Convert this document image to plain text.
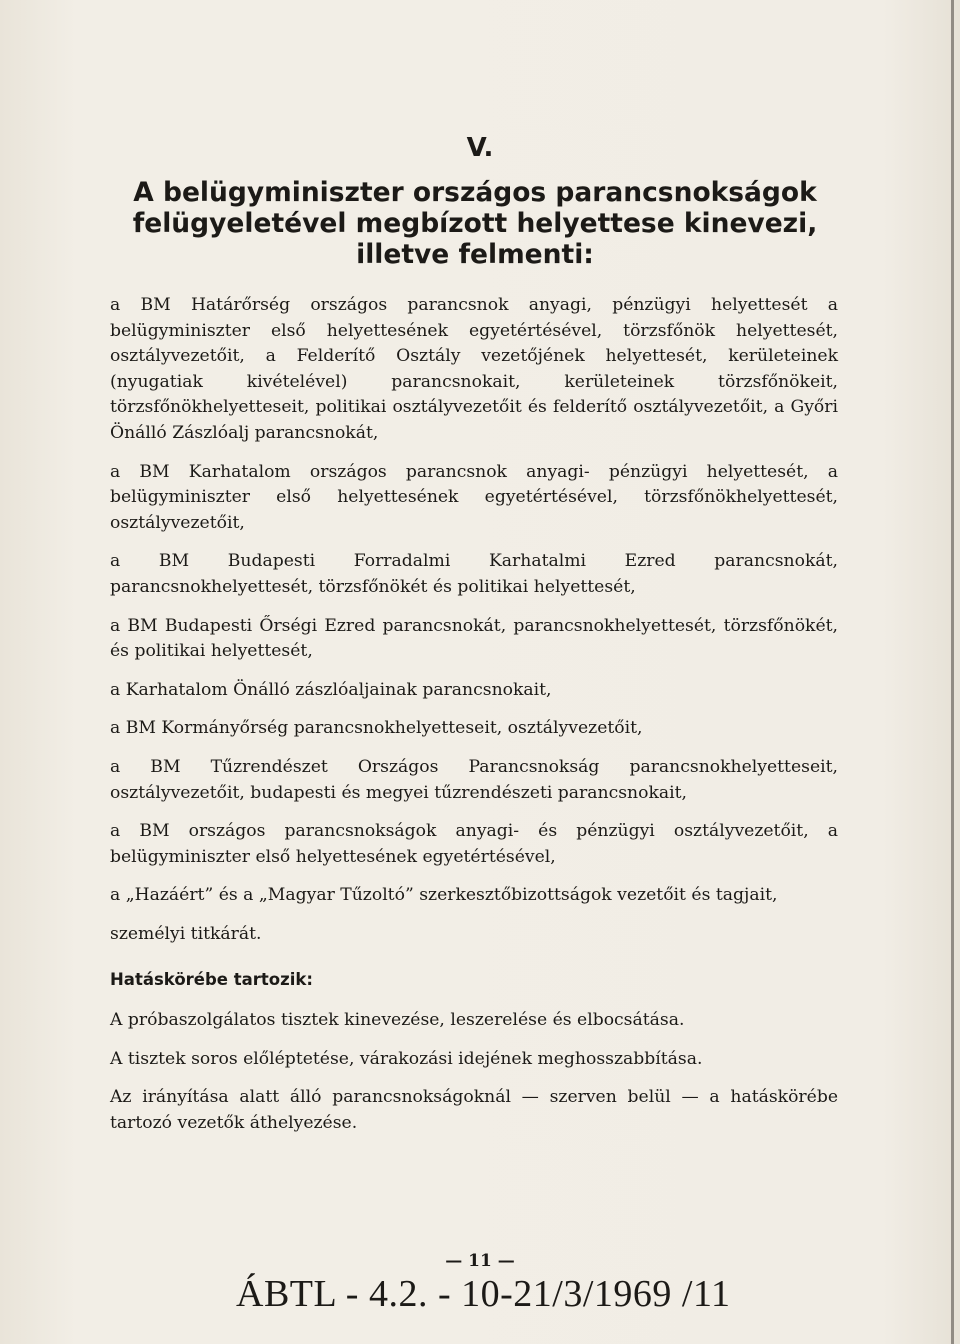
V.
A belügyminiszter országos parancsnokságok
felügyeletével megbízott helyettese kinevezi,
illetve felmenti:

a BM Határőrség országos parancsnok anyagi, pénzügyi helyettesét a belügyminiszter első helyettesének egyetértésével, törzsfőnök helyettesét, osztályvezetőit, a Felderítő Osztály vezetőjének helyettesét, kerületeinek (nyugatiak kivételével) parancsnokait, kerületeinek törzsfőnökeit, törzsfőnökhelyetteseit, politikai osztályvezetőit és felderítő osztályvezetőit, a Győri Önálló Zászlóalj parancsnokát,

a BM Karhatalom országos parancsnok anyagi- pénzügyi helyettesét, a belügyminiszter első helyettesének egyetértésével, törzsfőnökhelyettesét, osztályvezetőit,

a BM Budapesti Forradalmi Karhatalmi Ezred parancsnokát, parancsnokhelyettesét, törzsfőnökét és politikai helyettesét,

a BM Budapesti Őrségi Ezred parancsnokát, parancsnokhelyettesét, törzsfőnökét, és politikai helyettesét,

a Karhatalom Önálló zászlóaljainak parancsnokait,

a BM Kormányőrség parancsnokhelyetteseit, osztályvezetőit,

a BM Tűzrendészet Országos Parancsnokság parancsnokhelyetteseit, osztályvezetőit, budapesti és megyei tűzrendészeti parancsnokait,

a BM országos parancsnokságok anyagi- és pénzügyi osztályvezetőit, a belügyminiszter első helyettesének egyetértésével,

a „Hazáért” és a „Magyar Tűzoltó” szerkesztőbizottságok vezetőit és tagjait,

személyi titkárát.

Hatáskörébe tartozik:

A próbaszolgálatos tisztek kinevezése, leszerelése és elbocsátása.

A tisztek soros előléptetése, várakozási idejének meghosszabbítása.

Az irányítása alatt álló parancsnokságoknál — szerven belül — a hatáskörébe tartozó vezetők áthelyezése.

— 11 —
ÁBTL - 4.2. - 10-21/3/1969 /11
